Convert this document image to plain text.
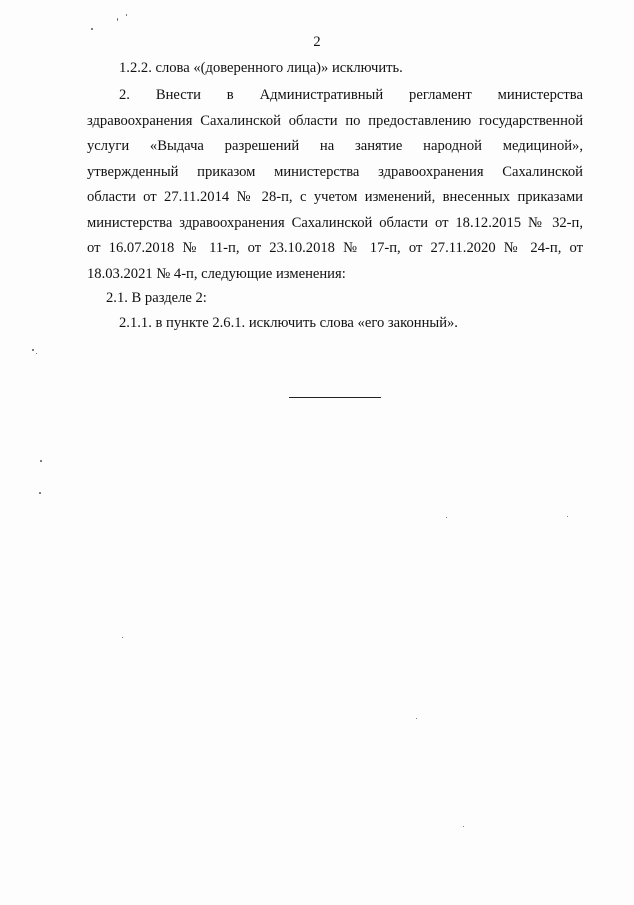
2

1.2.2. слова «(доверенного лица)» исключить.

2. Внести в Административный регламент министерства
здравоохранения Сахалинской области по предоставлению государственной
услуги «Выдача разрешений на занятие народной медициной»,
утвержденный приказом министерства здравоохранения Сахалинской
области от 27.11.2014 № 28-п, с учетом изменений, внесенных приказами
министерства здравоохранения Сахалинской области от 18.12.2015 № 32-п,
от 16.07.2018 № 11-п, от 23.10.2018 № 17-п, от 27.11.2020 № 24-п, от
18.03.2021 № 4-п, следующие изменения:

2.1. В разделе 2:

2.1.1. в пункте 2.6.1. исключить слова «его законный».
